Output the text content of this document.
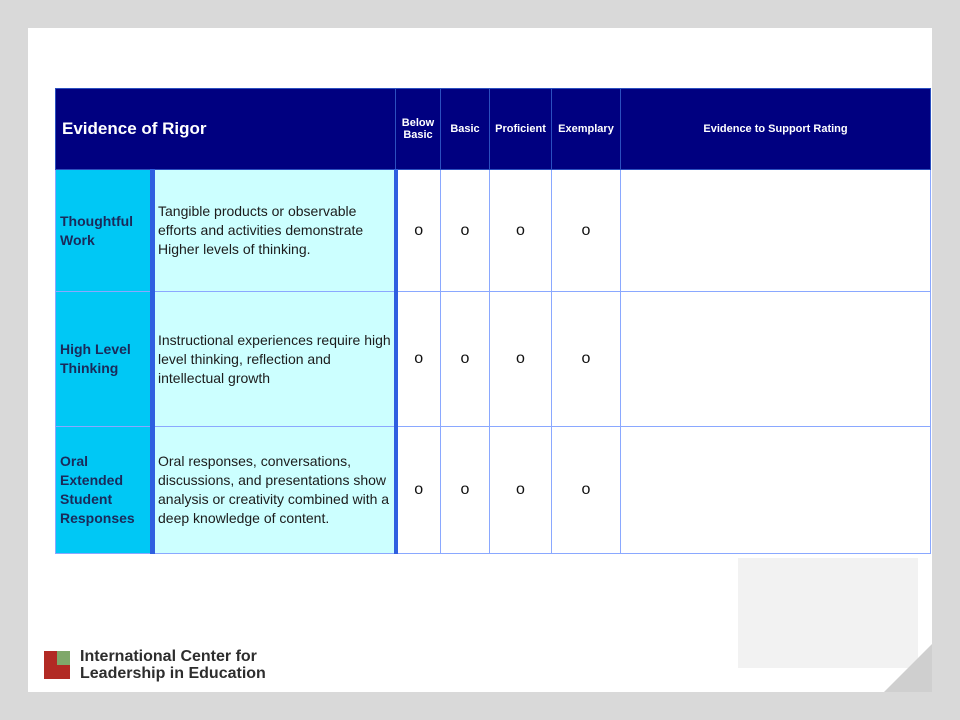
Evidence of Rigor		Below Basic	Basic	Proficient	Exemplary	Evidence to Support Rating
Thoughtful Work	Tangible products or observable efforts and activities demonstrate Higher levels of thinking.	o	o	o	o	
High Level Thinking	Instructional experiences require high level thinking, reflection and intellectual growth	o	o	o	o	
Oral Extended Student Responses	Oral responses, conversations, discussions, and presentations show analysis or creativity combined with a deep knowledge of content.	o	o	o	o	
International Center for
Leadership in Education
